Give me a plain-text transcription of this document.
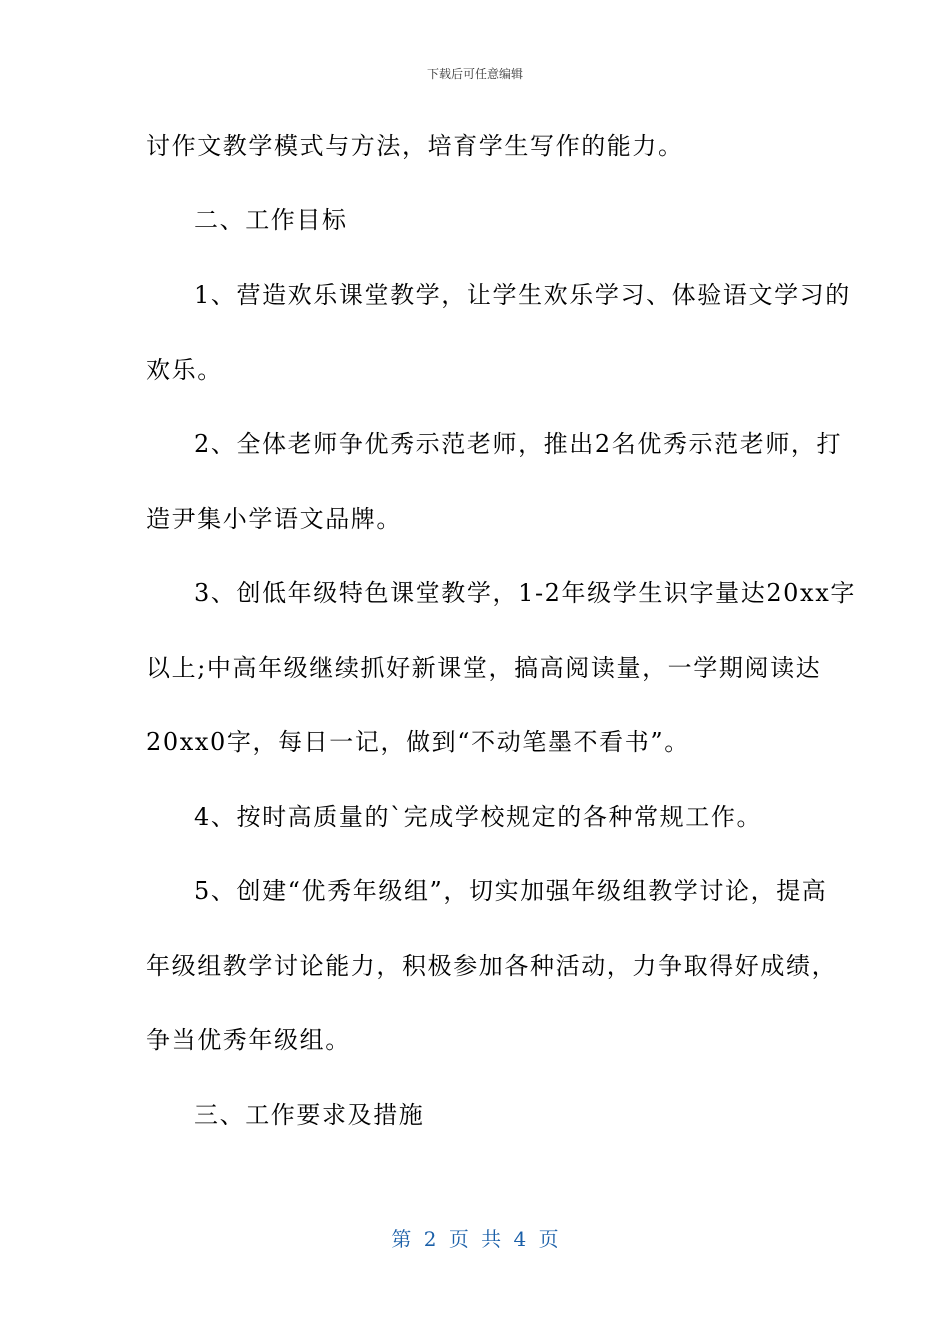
下载后可任意编辑
讨作文教学模式与方法，培育学生写作的能力。
二、工作目标
1、营造欢乐课堂教学，让学生欢乐学习、体验语文学习的
欢乐。
2、全体老师争优秀示范老师，推出2名优秀示范老师，打
造尹集小学语文品牌。
3、创低年级特色课堂教学，1-2年级学生识字量达20xx字
以上;中高年级继续抓好新课堂，搞高阅读量，一学期阅读达
20xx0字，每日一记，做到“不动笔墨不看书”。
4、按时高质量的`完成学校规定的各种常规工作。
5、创建“优秀年级组”，切实加强年级组教学讨论，提高
年级组教学讨论能力，积极参加各种活动，力争取得好成绩，
争当优秀年级组。
三、工作要求及措施
第 2 页 共 4 页
